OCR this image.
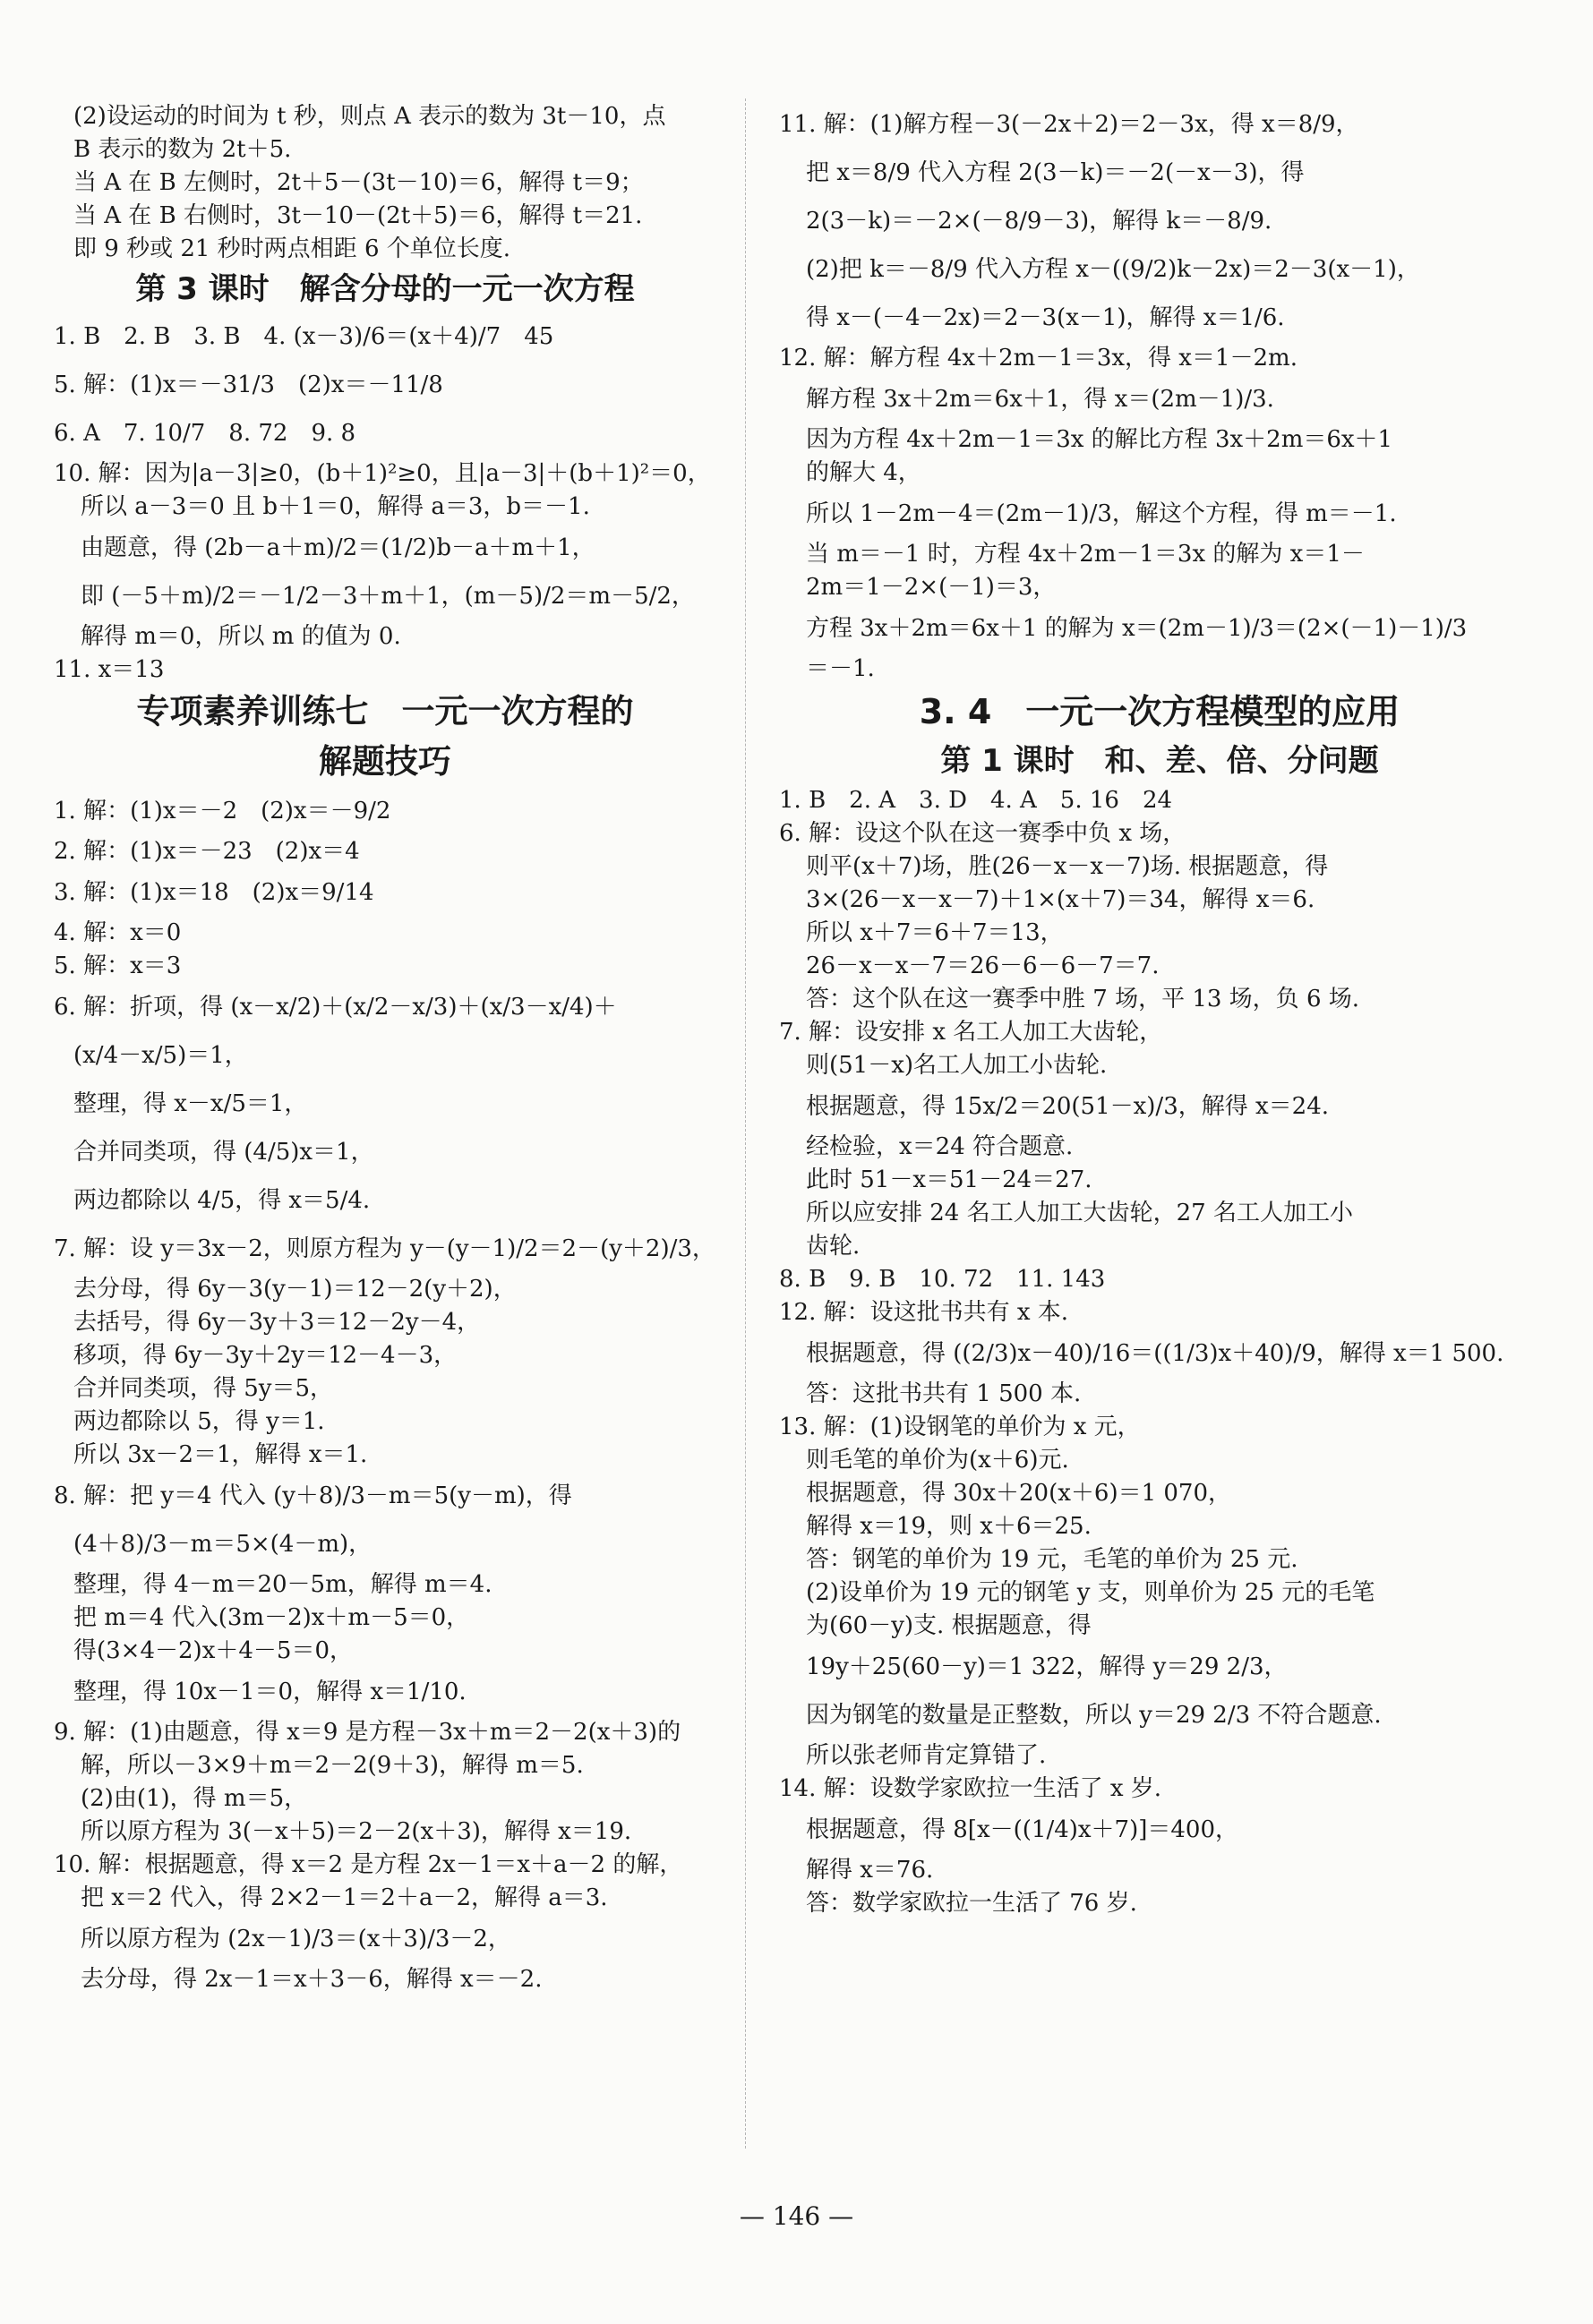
(2)设运动的时间为 t 秒，则点 A 表示的数为 3t－10，点
B 表示的数为 2t＋5.
当 A 在 B 左侧时，2t＋5－(3t－10)＝6，解得 t＝9；
当 A 在 B 右侧时，3t－10－(2t＋5)＝6，解得 t＝21.
即 9 秒或 21 秒时两点相距 6 个单位长度.
第 3 课时　解含分母的一元一次方程
1. B　2. B　3. B　4. (x－3)/6＝(x＋4)/7　45
5. 解：(1)x＝－31/3　(2)x＝－11/8
6. A　7. 10/7　8. 72　9. 8
10. 解：因为|a－3|≥0，(b＋1)²≥0，且|a－3|＋(b＋1)²＝0，
所以 a－3＝0 且 b＋1＝0，解得 a＝3，b＝－1.
由题意，得 (2b－a＋m)/2＝(1/2)b－a＋m＋1，
即 (－5＋m)/2＝－1/2－3＋m＋1，(m－5)/2＝m－5/2，
解得 m＝0，所以 m 的值为 0.
11. x＝13
专项素养训练七　一元一次方程的
解题技巧
1. 解：(1)x＝－2　(2)x＝－9/2
2. 解：(1)x＝－23　(2)x＝4
3. 解：(1)x＝18　(2)x＝9/14
4. 解：x＝0
5. 解：x＝3
6. 解：折项，得 (x－x/2)＋(x/2－x/3)＋(x/3－x/4)＋
(x/4－x/5)＝1，
整理，得 x－x/5＝1，
合并同类项，得 (4/5)x＝1，
两边都除以 4/5，得 x＝5/4.
7. 解：设 y＝3x－2，则原方程为 y－(y－1)/2＝2－(y＋2)/3，
去分母，得 6y－3(y－1)＝12－2(y＋2)，
去括号，得 6y－3y＋3＝12－2y－4，
移项，得 6y－3y＋2y＝12－4－3，
合并同类项，得 5y＝5，
两边都除以 5，得 y＝1.
所以 3x－2＝1，解得 x＝1.
8. 解：把 y＝4 代入 (y＋8)/3－m＝5(y－m)，得
(4＋8)/3－m＝5×(4－m)，
整理，得 4－m＝20－5m，解得 m＝4.
把 m＝4 代入(3m－2)x＋m－5＝0，
得(3×4－2)x＋4－5＝0，
整理，得 10x－1＝0，解得 x＝1/10.
9. 解：(1)由题意，得 x＝9 是方程－3x＋m＝2－2(x＋3)的
解，所以－3×9＋m＝2－2(9＋3)，解得 m＝5.
(2)由(1)，得 m＝5，
所以原方程为 3(－x＋5)＝2－2(x＋3)，解得 x＝19.
10. 解：根据题意，得 x＝2 是方程 2x－1＝x＋a－2 的解，
把 x＝2 代入，得 2×2－1＝2＋a－2，解得 a＝3.
所以原方程为 (2x－1)/3＝(x＋3)/3－2，
去分母，得 2x－1＝x＋3－6，解得 x＝－2.
11. 解：(1)解方程－3(－2x＋2)＝2－3x，得 x＝8/9，
把 x＝8/9 代入方程 2(3－k)＝－2(－x－3)，得
2(3－k)＝－2×(－8/9－3)，解得 k＝－8/9.
(2)把 k＝－8/9 代入方程 x－((9/2)k－2x)＝2－3(x－1)，
得 x－(－4－2x)＝2－3(x－1)，解得 x＝1/6.
12. 解：解方程 4x＋2m－1＝3x，得 x＝1－2m.
解方程 3x＋2m＝6x＋1，得 x＝(2m－1)/3.
因为方程 4x＋2m－1＝3x 的解比方程 3x＋2m＝6x＋1
的解大 4，
所以 1－2m－4＝(2m－1)/3，解这个方程，得 m＝－1.
当 m＝－1 时，方程 4x＋2m－1＝3x 的解为 x＝1－
2m＝1－2×(－1)＝3，
方程 3x＋2m＝6x＋1 的解为 x＝(2m－1)/3＝(2×(－1)－1)/3
＝－1.
3. 4　一元一次方程模型的应用
第 1 课时　和、差、倍、分问题
1. B　2. A　3. D　4. A　5. 16　24
6. 解：设这个队在这一赛季中负 x 场，
则平(x＋7)场，胜(26－x－x－7)场. 根据题意，得
3×(26－x－x－7)＋1×(x＋7)＝34，解得 x＝6.
所以 x＋7＝6＋7＝13，
26－x－x－7＝26－6－6－7＝7.
答：这个队在这一赛季中胜 7 场，平 13 场，负 6 场.
7. 解：设安排 x 名工人加工大齿轮，
则(51－x)名工人加工小齿轮.
根据题意，得 15x/2＝20(51－x)/3，解得 x＝24.
经检验，x＝24 符合题意.
此时 51－x＝51－24＝27.
所以应安排 24 名工人加工大齿轮，27 名工人加工小
齿轮.
8. B　9. B　10. 72　11. 143
12. 解：设这批书共有 x 本.
根据题意，得 ((2/3)x－40)/16＝((1/3)x＋40)/9，解得 x＝1 500.
答：这批书共有 1 500 本.
13. 解：(1)设钢笔的单价为 x 元，
则毛笔的单价为(x＋6)元.
根据题意，得 30x＋20(x＋6)＝1 070，
解得 x＝19，则 x＋6＝25.
答：钢笔的单价为 19 元，毛笔的单价为 25 元.
(2)设单价为 19 元的钢笔 y 支，则单价为 25 元的毛笔
为(60－y)支. 根据题意，得
19y＋25(60－y)＝1 322，解得 y＝29 2/3，
因为钢笔的数量是正整数，所以 y＝29 2/3 不符合题意.
所以张老师肯定算错了.
14. 解：设数学家欧拉一生活了 x 岁.
根据题意，得 8[x－((1/4)x＋7)]＝400，
解得 x＝76.
答：数学家欧拉一生活了 76 岁.
— 146 —
